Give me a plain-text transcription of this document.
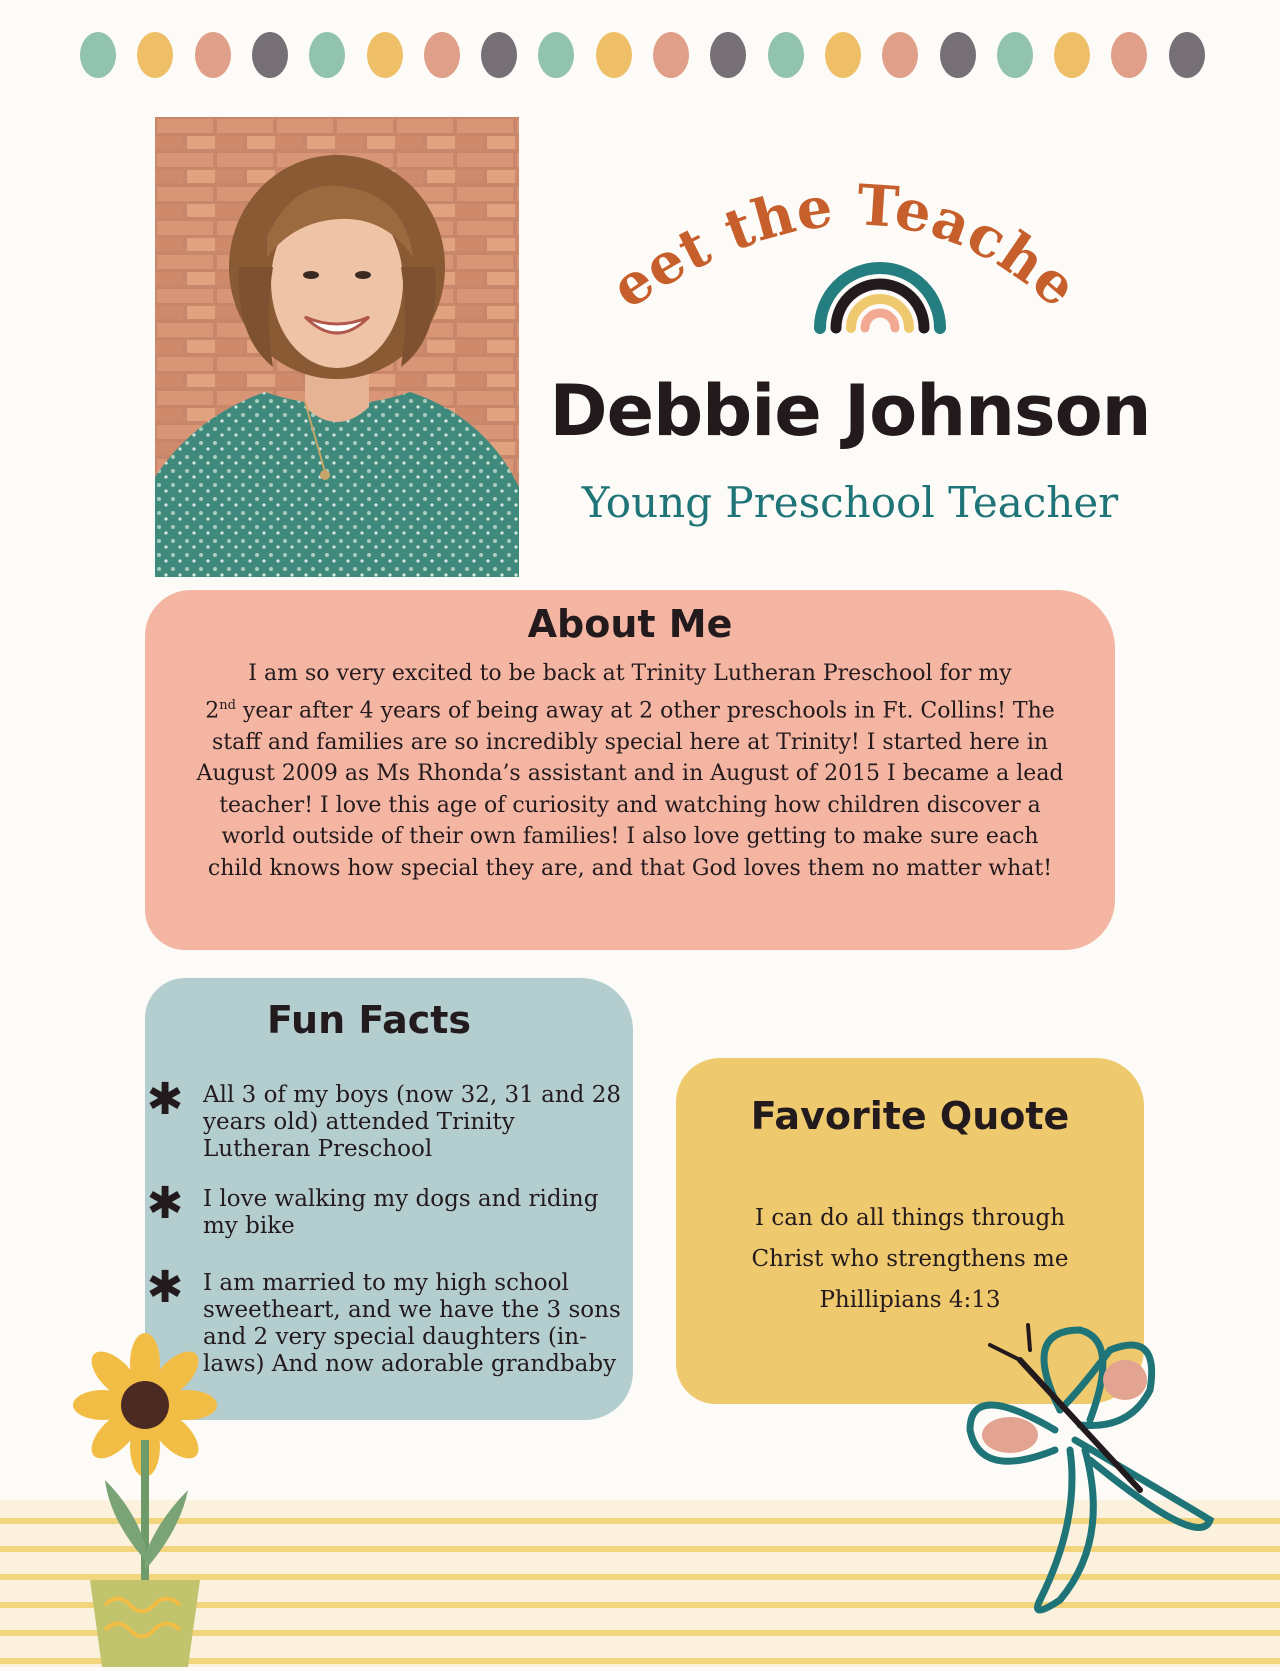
eet the Teache
Debbie Johnson

Young Preschool Teacher

About Me

I am so very excited to be back at Trinity Lutheran Preschool for my
2nd year after 4 years of being away at 2 other preschools in Ft. Collins! The staff and families are so incredibly special here at Trinity! I started here in August 2009 as Ms Rhonda’s assistant and in August of 2015 I became a lead teacher! I love this age of curiosity and watching how children discover a world outside of their own families! I also love getting to make sure each child knows how special they are, and that God loves them no matter what!

Fun Facts
✱ All 3 of my boys (now 32, 31 and 28 years old) attended Trinity Lutheran Preschool
✱ I love walking my dogs and riding my bike
✱ I am married to my high school sweetheart, and we have the 3 sons and 2 very special daughters (in-laws) And now adorable grandbaby
Favorite Quote
I can do all things through
Christ who strengthens me
Phillipians 4:13
